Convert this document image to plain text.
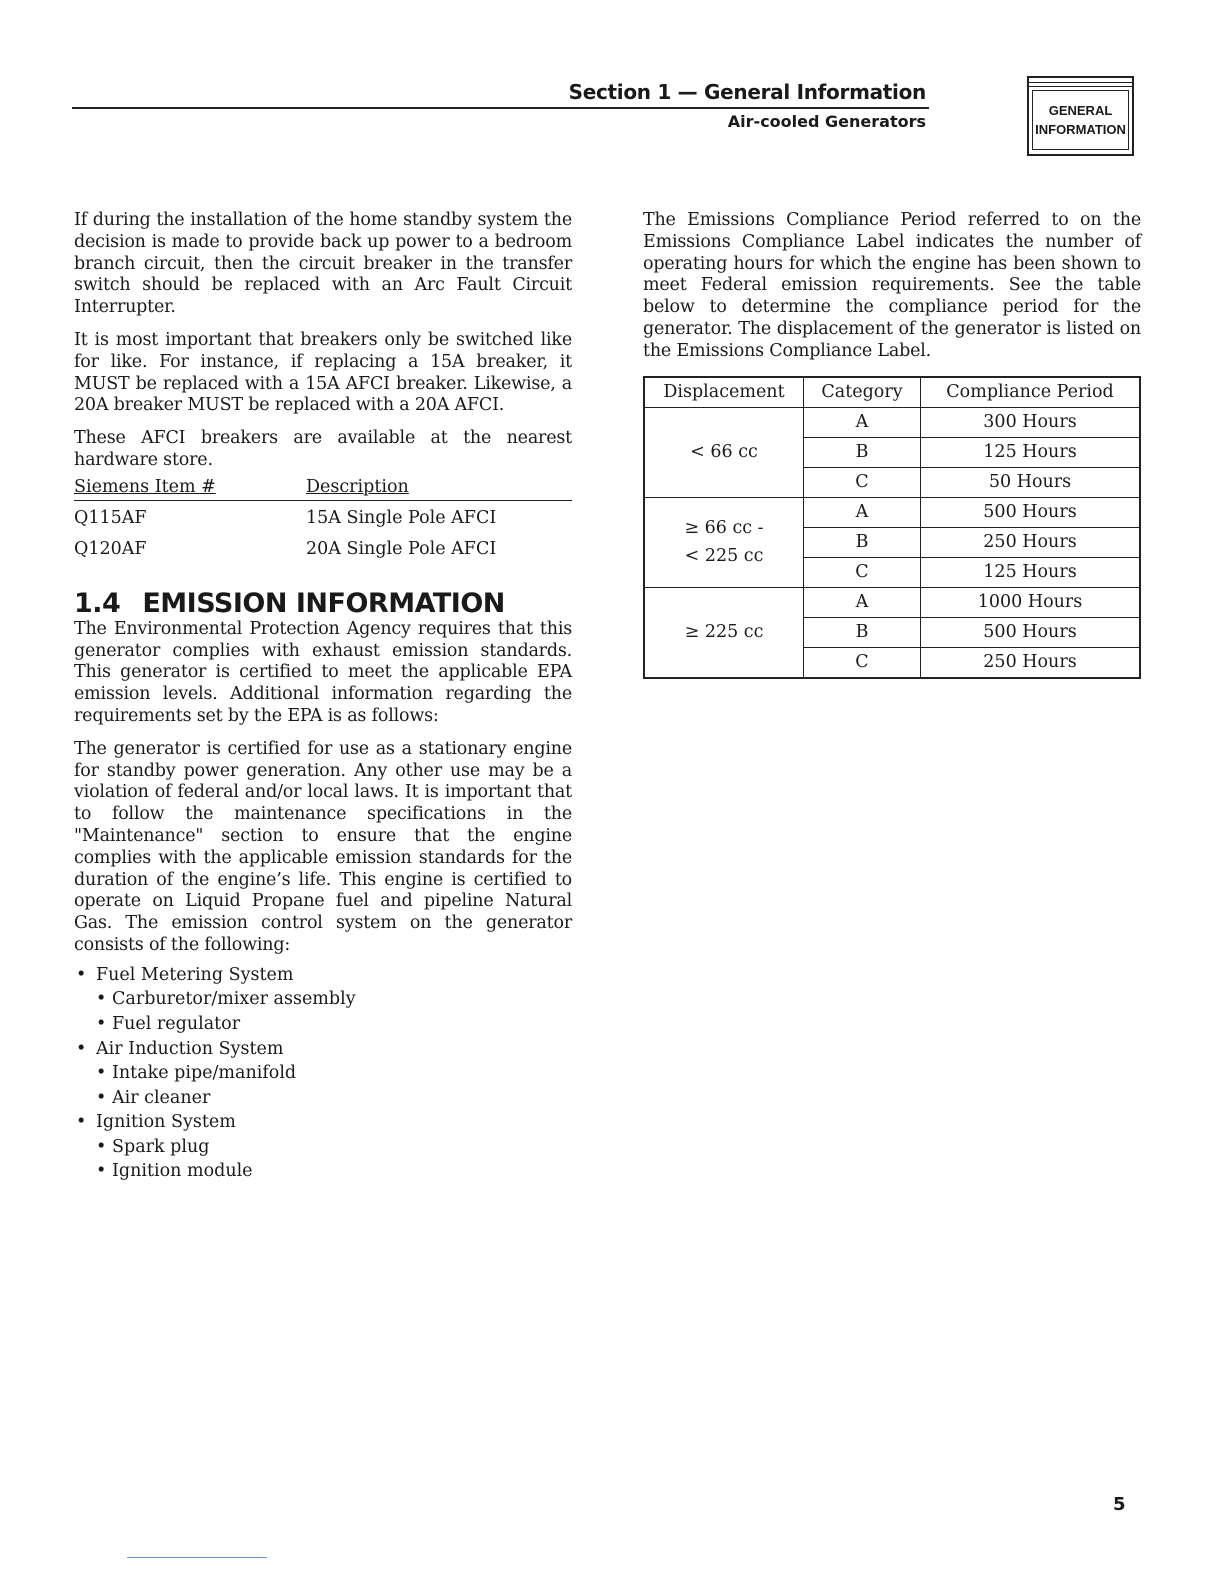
Section 1 — General Information
Air-cooled Generators
GENERAL
INFORMATION

If during the installation of the home standby system the decision is made to provide back up power to a bedroom branch circuit, then the circuit breaker in the transfer switch should be replaced with an Arc Fault Circuit Interrupter.

It is most important that breakers only be switched like for like. For instance, if replacing a 15A breaker, it MUST be replaced with a 15A AFCI breaker. Likewise, a 20A breaker MUST be replaced with a 20A AFCI.

These AFCI breakers are available at the nearest hardware store.

Siemens Item #	Description
Q115AF	15A Single Pole AFCI
Q120AF	20A Single Pole AFCI
1.4 EMISSION INFORMATION

The Environmental Protection Agency requires that this generator complies with exhaust emission standards. This generator is certified to meet the applicable EPA emission levels. Additional information regarding the requirements set by the EPA is as follows:

The generator is certified for use as a stationary engine for standby power generation. Any other use may be a violation of federal and/or local laws. It is important that to follow the maintenance specifications in the "Maintenance" section to ensure that the engine complies with the applicable emission standards for the duration of the engine’s life. This engine is certified to operate on Liquid Propane fuel and pipeline Natural Gas. The emission control system on the generator consists of the following:

• Fuel Metering System
• Carburetor/mixer assembly
• Fuel regulator
• Air Induction System
• Intake pipe/manifold
• Air cleaner
• Ignition System
• Spark plug
• Ignition module

The Emissions Compliance Period referred to on the Emissions Compliance Label indicates the number of operating hours for which the engine has been shown to meet Federal emission requirements. See the table below to determine the compliance period for the generator. The displacement of the generator is listed on the Emissions Compliance Label.

Displacement	Category	Compliance Period
< 66 cc	A	300 Hours
	B	125 Hours
	C	50 Hours

≥ 66 cc -
< 225 cc	A	500 Hours
	B	250 Hours
	C	125 Hours
≥ 225 cc	A	1000 Hours
	B	500 Hours
	C	250 Hours
5
